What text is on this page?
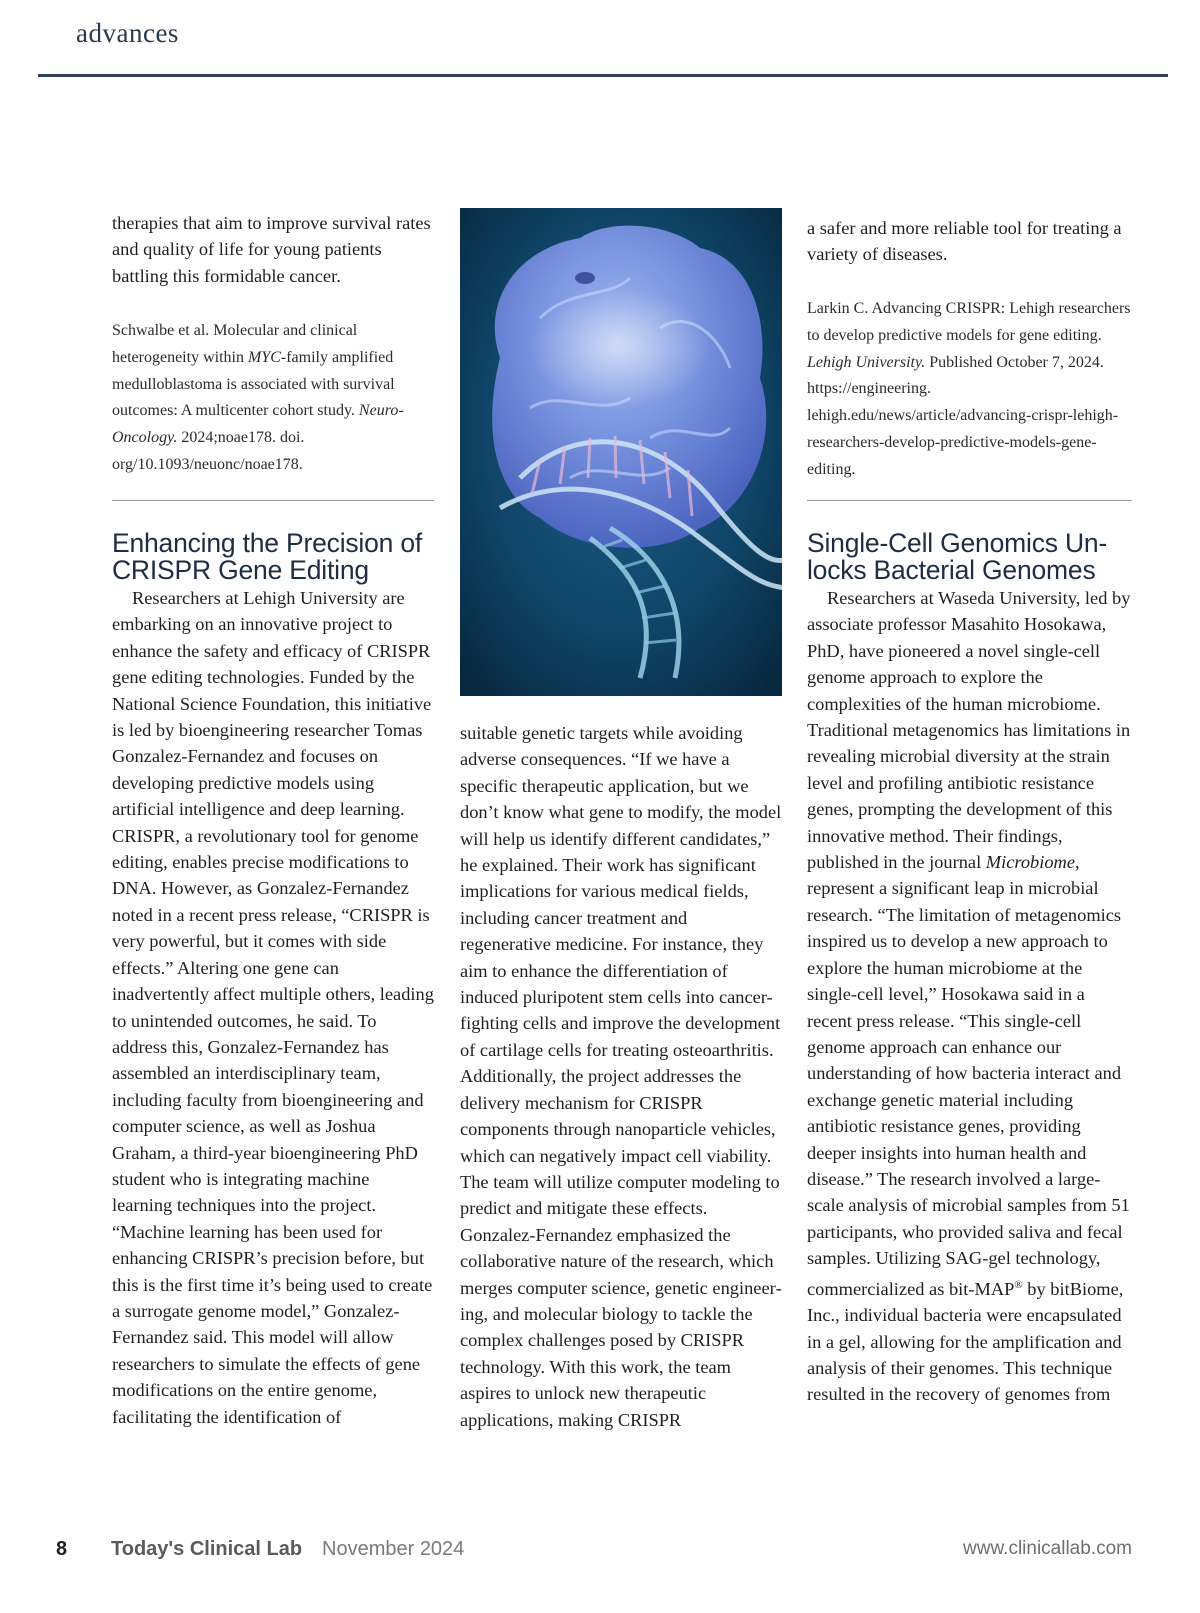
advances

therapies that aim to improve survival rates and quality of life for young patients battling this formidable cancer.

Schwalbe et al. Molecular and clinical heterogeneity within MYC-family amplified medulloblastoma is associated with survival outcomes: A multicenter cohort study. Neuro-Oncology. 2024;noae178. doi. org/10.1093/neuonc/noae178.

Enhancing the Precision of CRISPR Gene Editing

Researchers at Lehigh University are embarking on an innovative project to enhance the safety and efficacy of CRISPR gene editing technologies. Funded by the National Science Foundation, this initiative is led by bioengineering researcher Tomas Gonzalez-Fernandez and focuses on developing predictive models using artificial intelligence and deep learning. CRISPR, a revolutionary tool for genome editing, enables precise modifications to DNA. However, as Gonzalez-Fernandez noted in a recent press release, “CRISPR is very powerful, but it comes with side effects.” Altering one gene can inadvertently affect multiple others, leading to unintended outcomes, he said. To address this, Gonzalez-Fernandez has assembled an interdisciplinary team, including faculty from bioengineering and computer science, as well as Joshua Graham, a third-year bioengineering PhD student who is integrating machine learning techniques into the project. “Machine learning has been used for enhancing CRISPR’s precision before, but this is the first time it’s being used to create a surrogate genome model,” Gonzalez-Fernandez said. This model will allow researchers to simulate the effects of gene modifications on the entire genome, facilitating the identification of

suitable genetic targets while avoiding adverse consequences. “If we have a specific therapeutic application, but we don’t know what gene to modify, the model will help us identify different candidates,” he explained. Their work has significant implications for various medical fields, including cancer treatment and regenerative medicine. For instance, they aim to enhance the differentiation of induced pluripotent stem cells into cancer-fighting cells and improve the development of cartilage cells for treating osteoarthritis. Additionally, the project addresses the delivery mechanism for CRISPR components through nanoparticle vehicles, which can negatively impact cell viability. The team will utilize computer modeling to predict and mitigate these effects. Gonzalez-Fernandez emphasized the collaborative nature of the research, which merges computer science, genetic engineering, and molecular biology to tackle the complex challenges posed by CRISPR technology. With this work, the team aspires to unlock new therapeutic applications, making CRISPR

a safer and more reliable tool for treating a variety of diseases.

Larkin C. Advancing CRISPR: Lehigh researchers to develop predictive models for gene editing. Lehigh University. Published October 7, 2024. https://engineering. lehigh.edu/news/article/advancing-crispr-lehigh-researchers-develop-predictive-models-gene-editing.

Single-Cell Genomics Unlocks Bacterial Genomes

Researchers at Waseda University, led by associate professor Masahito Hosokawa, PhD, have pioneered a novel single-cell genome approach to explore the complexities of the human microbiome. Traditional metagenomics has limitations in revealing microbial diversity at the strain level and profiling antibiotic resistance genes, prompting the development of this innovative method. Their findings, published in the journal Microbiome, represent a significant leap in microbial research. “The limitation of metagenomics inspired us to develop a new approach to explore the human microbiome at the single-cell level,” Hosokawa said in a recent press release. “This single-cell genome approach can enhance our understanding of how bacteria interact and exchange genetic material including antibiotic resistance genes, providing deeper insights into human health and disease.” The research involved a large-scale analysis of microbial samples from 51 participants, who provided saliva and fecal samples. Utilizing SAG-gel technology, commercialized as bit-MAP® by bitBiome, Inc., individual bacteria were encapsulated in a gel, allowing for the amplification and analysis of their genomes. This technique resulted in the recovery of genomes from

8 Today's Clinical Lab November 2024	www.clinicallab.com
